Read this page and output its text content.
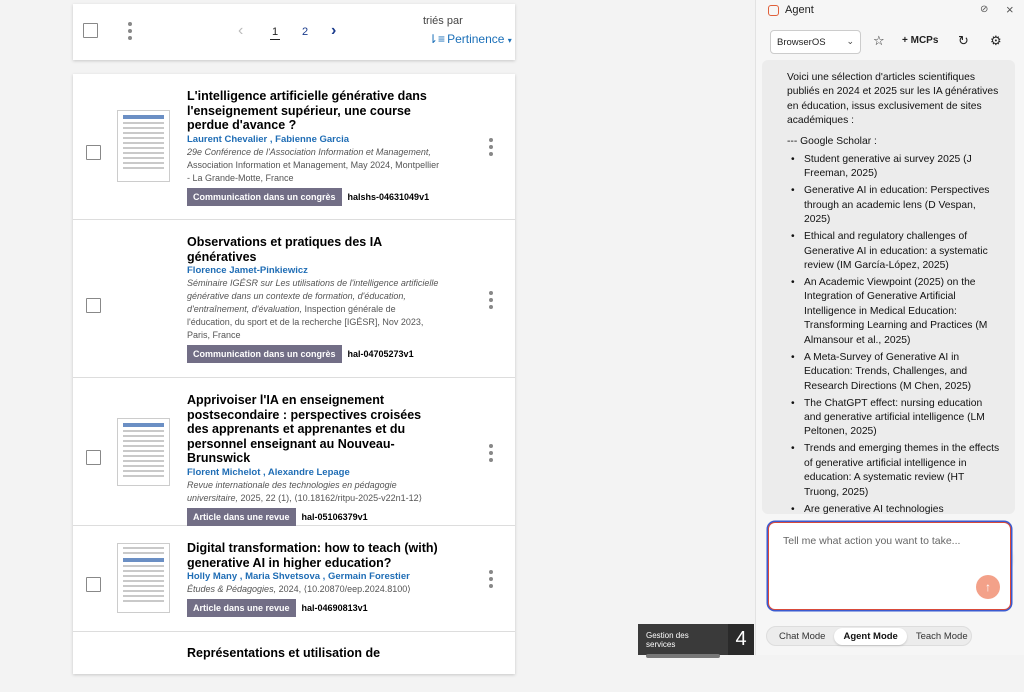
‹	1 2 ›
triés par
⇂≡ Pertinence ▾
L'intelligence artificielle générative dans l'enseignement supérieur, une course perdue d'avance ?
Laurent Chevalier , Fabienne Garcia
29e Conférence de l'Association Information et Management,
Association Information et Management, May 2024, Montpellier - La Grande-Motte, France
Communication dans un congrès	halshs-04631049v1
Observations et pratiques des IA génératives
Florence Jamet-Pinkiewicz
Séminaire IGÉSR sur Les utilisations de l'intelligence artificielle générative dans un contexte de formation, d'éducation, d'entraînement, d'évaluation, Inspection générale de l'éducation, du sport et de la recherche [IGÉSR], Nov 2023, Paris, France
Communication dans un congrès	hal-04705273v1
Apprivoiser l'IA en enseignement postsecondaire : perspectives croisées des apprenants et apprenantes et du personnel enseignant au Nouveau-Brunswick
Florent Michelot , Alexandre Lepage
Revue internationale des technologies en pédagogie universitaire, 2025, 22 (1), ⟨10.18162/ritpu-2025-v22n1-12⟩
Article dans une revue	hal-05106379v1
Digital transformation: how to teach (with) generative AI in higher education?
Holly Many , Maria Shvetsova , Germain Forestier
Études & Pédagogies, 2024, ⟨10.20870/eep.2024.8100⟩
Article dans une revue	hal-04690813v1
Représentations et utilisation de
Gestion des services	4
Agent	⊘ ×
BrowserOS ⌄ ☆ + MCPs ↻ ⚙

Voici une sélection d'articles scientifiques publiés en 2024 et 2025 sur les IA génératives en éducation, issus exclusivement de sites académiques :

--- Google Scholar :

• Student generative ai survey 2025 (J Freeman, 2025)
• Generative AI in education: Perspectives through an academic lens (D Vespan, 2025)
• Ethical and regulatory challenges of Generative AI in education: a systematic review (IM García-López, 2025)
• An Academic Viewpoint (2025) on the Integration of Generative Artificial Intelligence in Medical Education: Transforming Learning and Practices (M Almansour et al., 2025)
• A Meta-Survey of Generative AI in Education: Trends, Challenges, and Research Directions (M Chen, 2025)
• The ChatGPT effect: nursing education and generative artificial intelligence (LM Peltonen, 2025)
• Trends and emerging themes in the effects of generative artificial intelligence in education: A systematic review (HT Truong, 2025)
• Are generative AI technologies
Tell me what action you want to take...
↑
Chat Mode	Agent Mode	Teach Mode
